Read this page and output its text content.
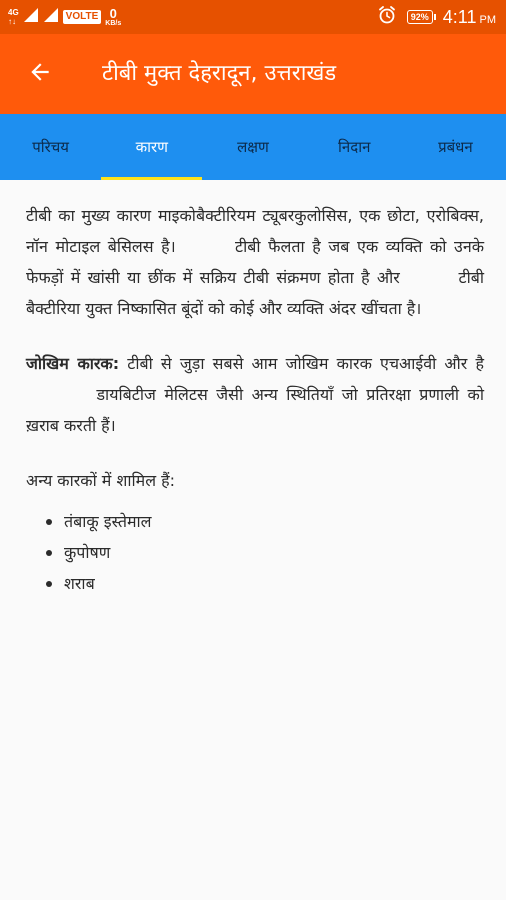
4G
↑↓	VOLTE 0
KB/s
92% 4:11 PM
टीबी मुक्त देहरादून, उत्तराखंड
परिचय	कारण	लक्षण	निदान	प्रबंधन

टीबी का मुख्य कारण माइकोबैक्टीरियम ट्यूबरकुलोसिस, एक छोटा, एरोबिक्स, नॉन मोटाइल बेसिलस है।	टीबी फैलता है जब एक व्यक्ति को उनके फेफड़ों में खांसी या छींक में सक्रिय टीबी संक्रमण होता है और	टीबी बैक्टीरिया युक्त निष्कासित बूंदों को कोई और व्यक्ति अंदर खींचता है।

जोखिम कारक: टीबी से जुड़ा सबसे आम जोखिम कारक एचआईवी और है  डायबिटीज मेलिटस जैसी अन्य स्थितियाँ जो प्रतिरक्षा प्रणाली को ख़राब करती हैं।

अन्य कारकों में शामिल हैं:

तंबाकू इस्तेमाल
कुपोषण
शराब
